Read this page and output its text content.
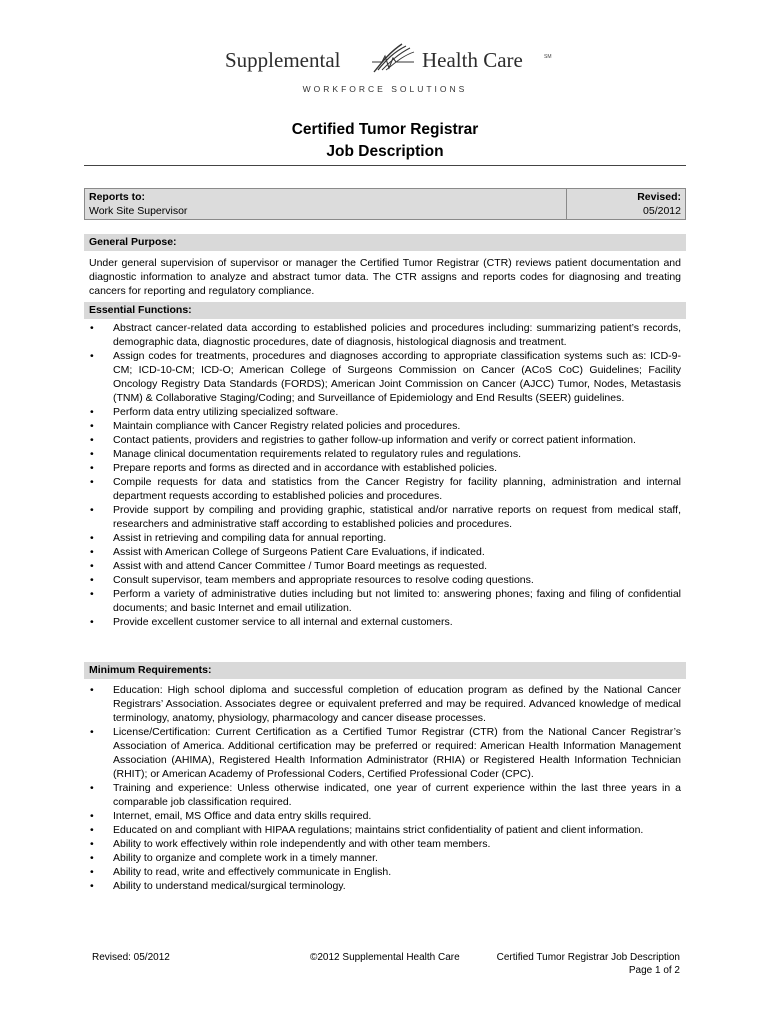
Supplemental	Health Care	SM
WORKFORCE SOLUTIONS
Certified Tumor Registrar
Job Description
Reports to:
Work Site Supervisor
Revised:
05/2012
General Purpose:
Under general supervision of supervisor or manager the Certified Tumor Registrar (CTR) reviews patient documentation and diagnostic information to analyze and abstract tumor data. The CTR assigns and reports codes for diagnosing and treating cancers for reporting and regulatory compliance.
Essential Functions:
• Abstract cancer-related data according to established policies and procedures including: summarizing patient’s records, demographic data, diagnostic procedures, date of diagnosis, histological diagnosis and treatment.
• Assign codes for treatments, procedures and diagnoses according to appropriate classification systems such as: ICD-9-CM; ICD-10-CM; ICD-O; American College of Surgeons Commission on Cancer (ACoS CoC) Guidelines; Facility Oncology Registry Data Standards (FORDS); American Joint Commission on Cancer (AJCC) Tumor, Nodes, Metastasis (TNM) & Collaborative Staging/Coding; and Surveillance of Epidemiology and End Results (SEER) guidelines.
• Perform data entry utilizing specialized software.
• Maintain compliance with Cancer Registry related policies and procedures.
• Contact patients, providers and registries to gather follow-up information and verify or correct patient information.
• Manage clinical documentation requirements related to regulatory rules and regulations.
• Prepare reports and forms as directed and in accordance with established policies.
• Compile requests for data and statistics from the Cancer Registry for facility planning, administration and internal department requests according to established policies and procedures.
• Provide support by compiling and providing graphic, statistical and/or narrative reports on request from medical staff, researchers and administrative staff according to established policies and procedures.
• Assist in retrieving and compiling data for annual reporting.
• Assist with American College of Surgeons Patient Care Evaluations, if indicated.
• Assist with and attend Cancer Committee / Tumor Board meetings as requested.
• Consult supervisor, team members and appropriate resources to resolve coding questions.
• Perform a variety of administrative duties including but not limited to: answering phones; faxing and filing of confidential documents; and basic Internet and email utilization.
• Provide excellent customer service to all internal and external customers.
Minimum Requirements:
• Education: High school diploma and successful completion of education program as defined by the National Cancer Registrars’ Association. Associates degree or equivalent preferred and may be required. Advanced knowledge of medical terminology, anatomy, physiology, pharmacology and cancer disease processes.
• License/Certification: Current Certification as a Certified Tumor Registrar (CTR) from the National Cancer Registrar’s Association of America. Additional certification may be preferred or required: American Health Information Management Association (AHIMA), Registered Health Information Administrator (RHIA) or Registered Health Information Technician (RHIT); or American Academy of Professional Coders, Certified Professional Coder (CPC).
• Training and experience: Unless otherwise indicated, one year of current experience within the last three years in a comparable job classification required.
• Internet, email, MS Office and data entry skills required.
• Educated on and compliant with HIPAA regulations; maintains strict confidentiality of patient and client information.
• Ability to work effectively within role independently and with other team members.
• Ability to organize and complete work in a timely manner.
• Ability to read, write and effectively communicate in English.
• Ability to understand medical/surgical terminology.
Revised: 05/2012	©2012 Supplemental Health Care	Certified Tumor Registrar Job Description
Page 1 of 2
